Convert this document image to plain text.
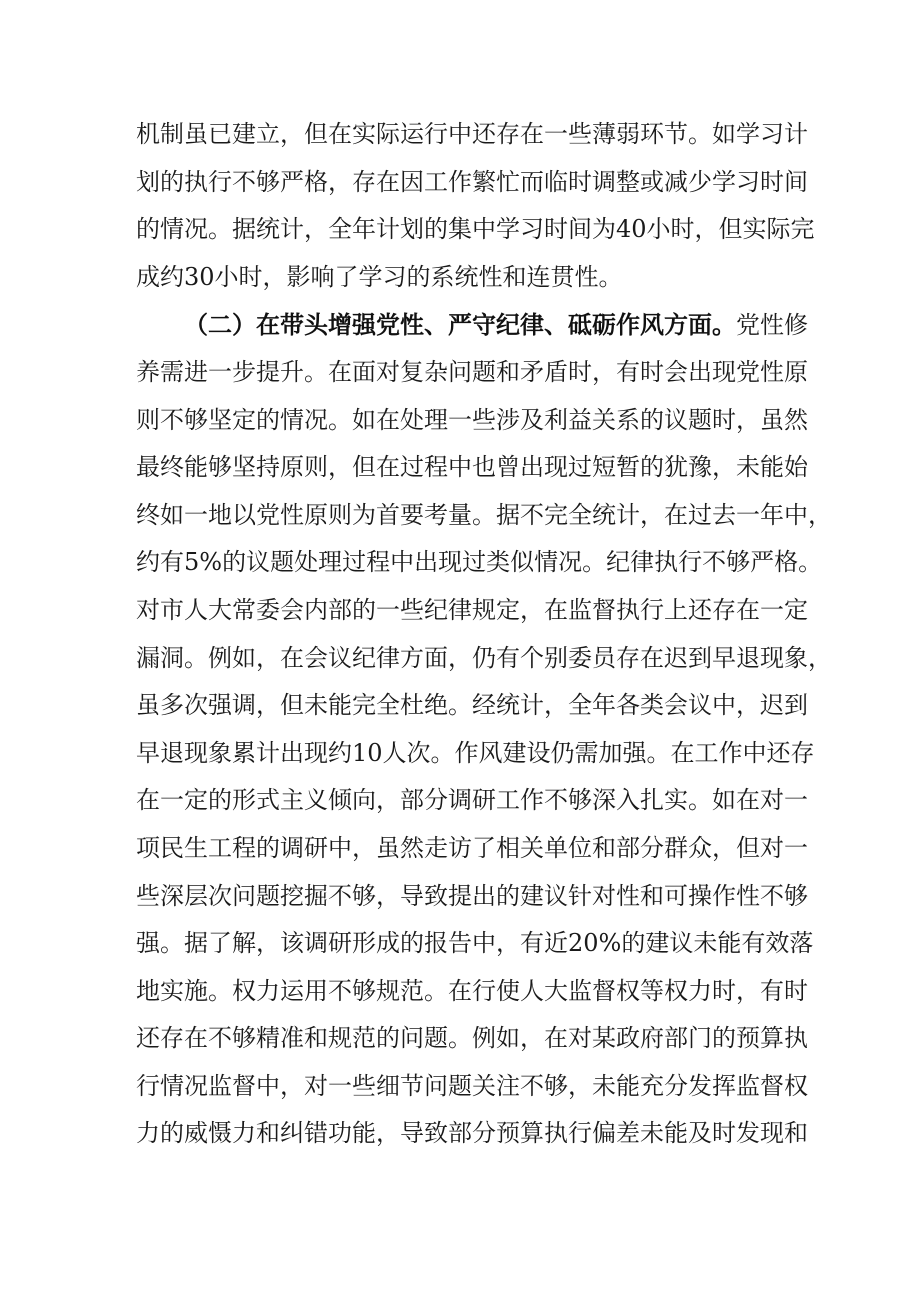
机制虽已建立，但在实际运行中还存在一些薄弱环节。如学习计
划的执行不够严格，存在因工作繁忙而临时调整或减少学习时间
的情况。据统计，全年计划的集中学习时间为40小时，但实际完
成约30小时，影响了学习的系统性和连贯性。
（二）在带头增强党性、严守纪律、砥砺作风方面。党性修
养需进一步提升。在面对复杂问题和矛盾时，有时会出现党性原
则不够坚定的情况。如在处理一些涉及利益关系的议题时，虽然
最终能够坚持原则，但在过程中也曾出现过短暂的犹豫，未能始
终如一地以党性原则为首要考量。据不完全统计，在过去一年中，
约有5%的议题处理过程中出现过类似情况。纪律执行不够严格。
对市人大常委会内部的一些纪律规定，在监督执行上还存在一定
漏洞。例如，在会议纪律方面，仍有个别委员存在迟到早退现象，
虽多次强调，但未能完全杜绝。经统计，全年各类会议中，迟到
早退现象累计出现约10人次。作风建设仍需加强。在工作中还存
在一定的形式主义倾向，部分调研工作不够深入扎实。如在对一
项民生工程的调研中，虽然走访了相关单位和部分群众，但对一
些深层次问题挖掘不够，导致提出的建议针对性和可操作性不够
强。据了解，该调研形成的报告中，有近20%的建议未能有效落
地实施。权力运用不够规范。在行使人大监督权等权力时，有时
还存在不够精准和规范的问题。例如，在对某政府部门的预算执
行情况监督中，对一些细节问题关注不够，未能充分发挥监督权
力的威慑力和纠错功能，导致部分预算执行偏差未能及时发现和
